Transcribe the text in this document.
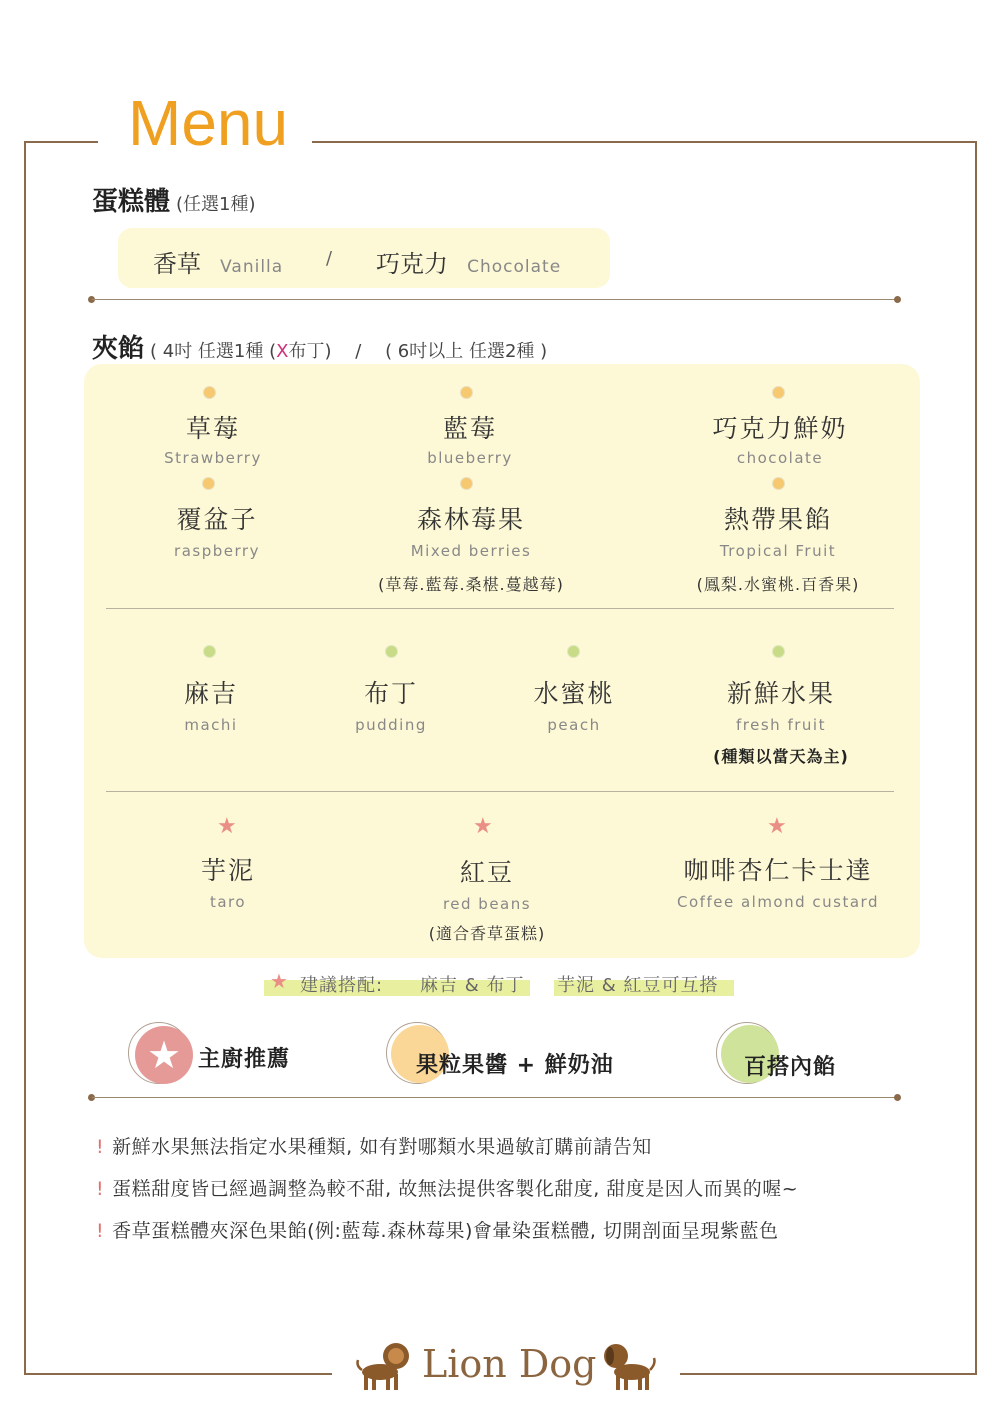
Menu
蛋糕體 (任選1種)
香草 Vanilla / 巧克力 Chocolate
夾餡 ( 4吋 任選1種 (X布丁) / ( 6吋以上 任選2種 )
草莓
Strawberry
藍莓
blueberry
巧克力鮮奶
chocolate
覆盆子
raspberry
森林莓果
Mixed berries
(草莓.藍莓.桑椹.蔓越莓)
熱帶果餡
Tropical Fruit
(鳳梨.水蜜桃.百香果)
麻吉
machi
布丁
pudding
水蜜桃
peach
新鮮水果
fresh fruit
(種類以當天為主)
★
芋泥
taro
★
紅豆
red beans
(適合香草蛋糕)
★
咖啡杏仁卡士達
Coffee almond custard
★ 建議搭配: 麻吉 & 布丁 芋泥 & 紅豆可互搭
★ 主廚推薦	果粒果醬 + 鮮奶油	百搭內餡
! 新鮮水果無法指定水果種類, 如有對哪類水果過敏訂購前請告知
! 蛋糕甜度皆已經過調整為較不甜, 故無法提供客製化甜度, 甜度是因人而異的喔~
! 香草蛋糕體夾深色果餡(例:藍莓.森林莓果)會暈染蛋糕體, 切開剖面呈現紫藍色
Lion Dog
